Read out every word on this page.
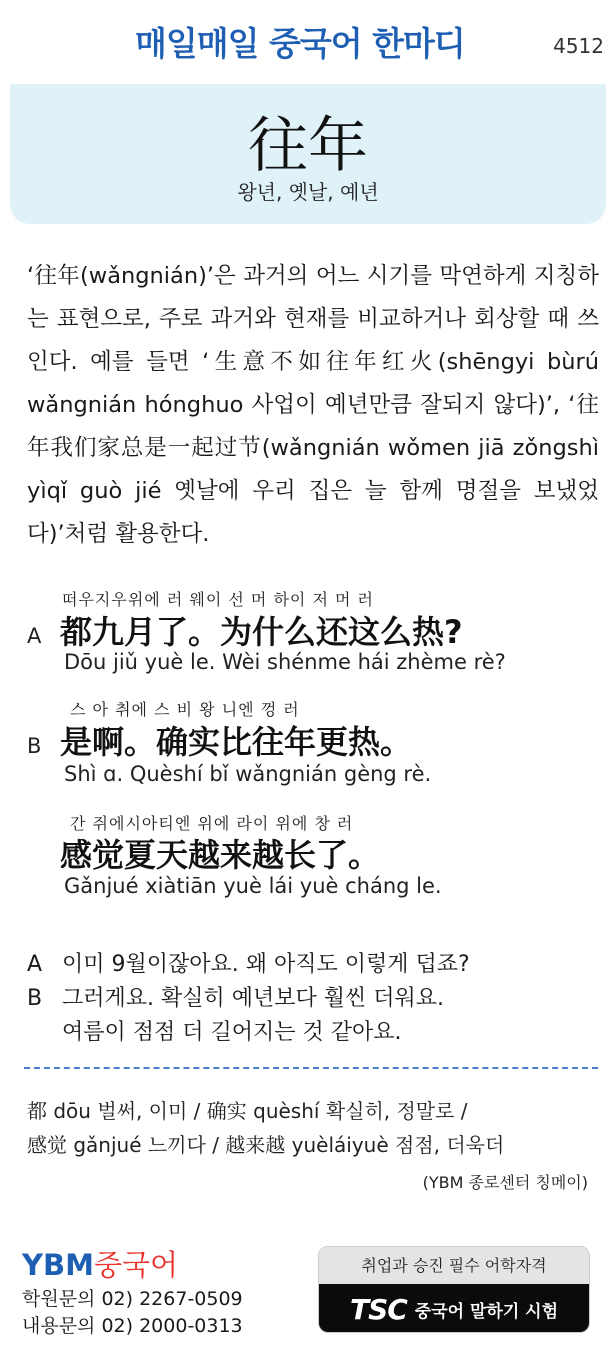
매일매일 중국어 한마디	4512
往年
왕년, 옛날, 예년
‘往年(wǎngnián)’은 과거의 어느 시기를 막연하게 지칭하는 표현으로, 주로 과거와 현재를 비교하거나 회상할 때 쓰인다. 예를 들면 ‘生意不如往年红火(shēngyi bùrú wǎngnián hónghuo 사업이 예년만큼 잘되지 않다)’, ‘往年我们家总是一起过节(wǎngnián wǒmen jiā zǒngshì yìqǐ guò jié 옛날에 우리 집은 늘 함께 명절을 보냈었다)’처럼 활용한다.
떠우지우위에 러 웨이 선 머 하이 저 머 러
A 都九月了。为什么还这么热?
Dōu jiǔ yuè le. Wèi shénme hái zhème rè?
스 아 취에 스 비 왕 니엔 껑 러
B 是啊。确实比往年更热。
Shì ɑ. Quèshí bǐ wǎngnián gèng rè.
간 쥐에시아티엔 위에 라이 위에 창 러
感觉夏天越来越长了。
Gǎnjué xiàtiān yuè lái yuè cháng le.
A 이미 9월이잖아요. 왜 아직도 이렇게 덥죠?
B 그러게요. 확실히 예년보다 훨씬 더워요.
여름이 점점 더 길어지는 것 같아요.
都 dōu 벌써, 이미 / 确实 quèshí 확실히, 정말로 /
感觉 gǎnjué 느끼다 / 越来越 yuèláiyuè 점점, 더욱더
(YBM 종로센터 칭메이)
YBM중국어
학원문의 02) 2267-0509
내용문의 02) 2000-0313
취업과 승진 필수 어학자격
TSC 중국어 말하기 시험
